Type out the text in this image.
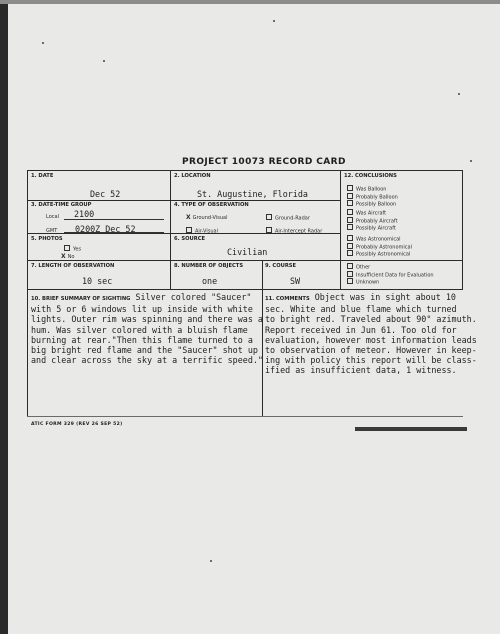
PROJECT 10073 RECORD CARD
1. DATE
Dec 52
2. LOCATION
St. Augustine, Florida
3. DATE-TIME GROUP
Local 2100
GMT 0200Z Dec 52
4. TYPE OF OBSERVATION
X Ground-Visual	Ground-Radar
Air-Visual	Air-Intercept Radar
5. PHOTOS
Yes
X No
6. SOURCE
Civilian
7. LENGTH OF OBSERVATION
10 sec
8. NUMBER OF OBJECTS
one
9. COURSE
SW
12. CONCLUSIONS
Was Balloon
Probably Balloon
Possibly Balloon
Was Aircraft
Probably Aircraft
Possibly Aircraft
Was Astronomical
Probably Astronomical
Possibly Astronomical
Other
Insufficient Data for Evaluation
Unknown
10. BRIEF SUMMARY OF SIGHTING Silver colored "Saucer"
with 5 or 6 windows lit up inside with white
lights. Outer rim was spinning and there was a
hum. Was silver colored with a bluish flame
burning at rear."Then this flame turned to a
big bright red flame and the "Saucer" shot up
and clear across the sky at a terrific speed."
11. COMMENTS Object was in sight about 10
sec. White and blue flame which turned
to bright red. Traveled about 90° azimuth.
Report received in Jun 61. Too old for
evaluation, however most information leads
to observation of meteor. However in keep-
ing with policy this report will be class-
ified as insufficient data, 1 witness.
ATIC FORM 329 (REV 26 SEP 52)
